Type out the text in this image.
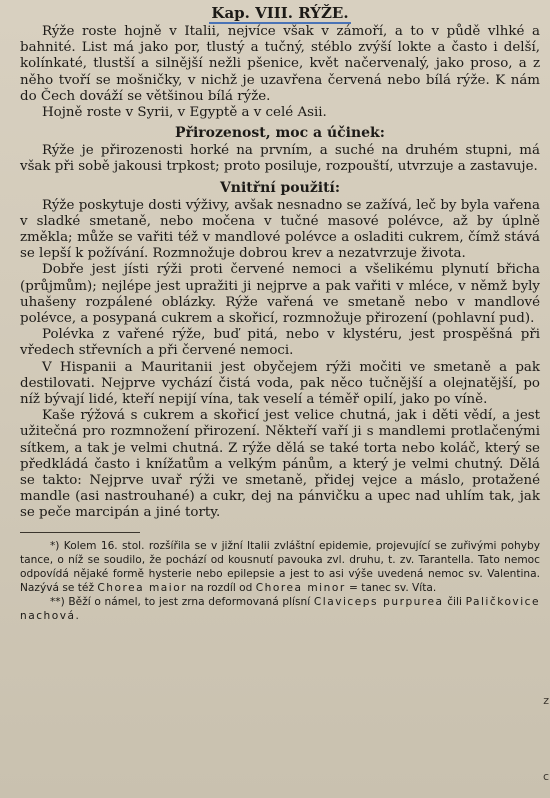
Kap. VIII. RÝŽE.

Rýže roste hojně v Italii, nejvíce však v zámoří, a to v půdě vlhké a bahnité. List má jako por, tlustý a tučný, stéblo zvýší lokte a často i delší, kolínkaté, tlustší a silnější nežli pšenice, květ načervenalý, jako proso, a z něho tvoří se mošničky, v nichž je uzavřena červená nebo bílá rýže. K nám do Čech dováží se většinou bílá rýže.

Hojně roste v Syrii, v Egyptě a v celé Asii.

Přirozenost, moc a účinek:

Rýže je přirozenosti horké na prvním, a suché na druhém stupni, má však při sobě jakousi trpkost; proto posiluje, rozpouští, utvrzuje a zastavuje.

Vnitřní použití:

Rýže poskytuje dosti výživy, avšak nesnadno se zažívá, leč by byla vařena v sladké smetaně, nebo močena v tučné masové polévce, až by úplně změkla; může se vařiti též v mandlové polévce a osladiti cukrem, čímž stává se lepší k požívání. Rozmnožuje dobrou krev a nezatvrzuje života.

Dobře jest jísti rýži proti červené nemoci a všelikému plynutí břicha (průjmům); nejlépe jest upražiti ji nejprve a pak vařiti v mléce, v němž byly uhašeny rozpálené oblázky. Rýže vařená ve smetaně nebo v mandlové polévce, a posypaná cukrem a skořicí, rozmnožuje přirození (pohlavní pud).

Polévka z vařené rýže, buď pitá, nebo v klystéru, jest prospěšná při vředech střevních a při červené nemoci.

V Hispanii a Mauritanii jest obyčejem rýži močiti ve smetaně a pak destilovati. Nejprve vychází čistá voda, pak něco tučnější a olejnatější, po níž bývají lidé, kteří nepijí vína, tak veselí a téměř opilí, jako po víně.

Kaše rýžová s cukrem a skořicí jest velice chutná, jak i děti vědí, a jest užitečná pro rozmnožení přirození. Někteří vaří ji s mandlemi protlačenými sítkem, a tak je velmi chutná. Z rýže dělá se také torta nebo koláč, který se předkládá často i knížatům a velkým pánům, a který je velmi chutný. Dělá se takto: Nejprve uvař rýži ve smetaně, přidej vejce a máslo, protažené mandle (asi nastrouhané) a cukr, dej na pánvičku a upec nad uhlím tak, jak se peče marcipán a jiné torty.

*) Kolem 16. stol. rozšířila se v jižní Italii zvláštní epidemie, projevující se zuřivými pohyby tance, o níž se soudilo, že pochází od kousnutí pavouka zvl. druhu, t. zv. Tarantella. Tato nemoc odpovídá nějaké formě hysterie nebo epilepsie a jest to asi výše uvedená nemoc sv. Valentina. Nazývá se též Chorea maior na rozdíl od Chorea minor = tanec sv. Víta.

**) Běží o námel, to jest zrna deformovaná plísní Claviceps purpurea čili Paličkovice nachová.

z
c
